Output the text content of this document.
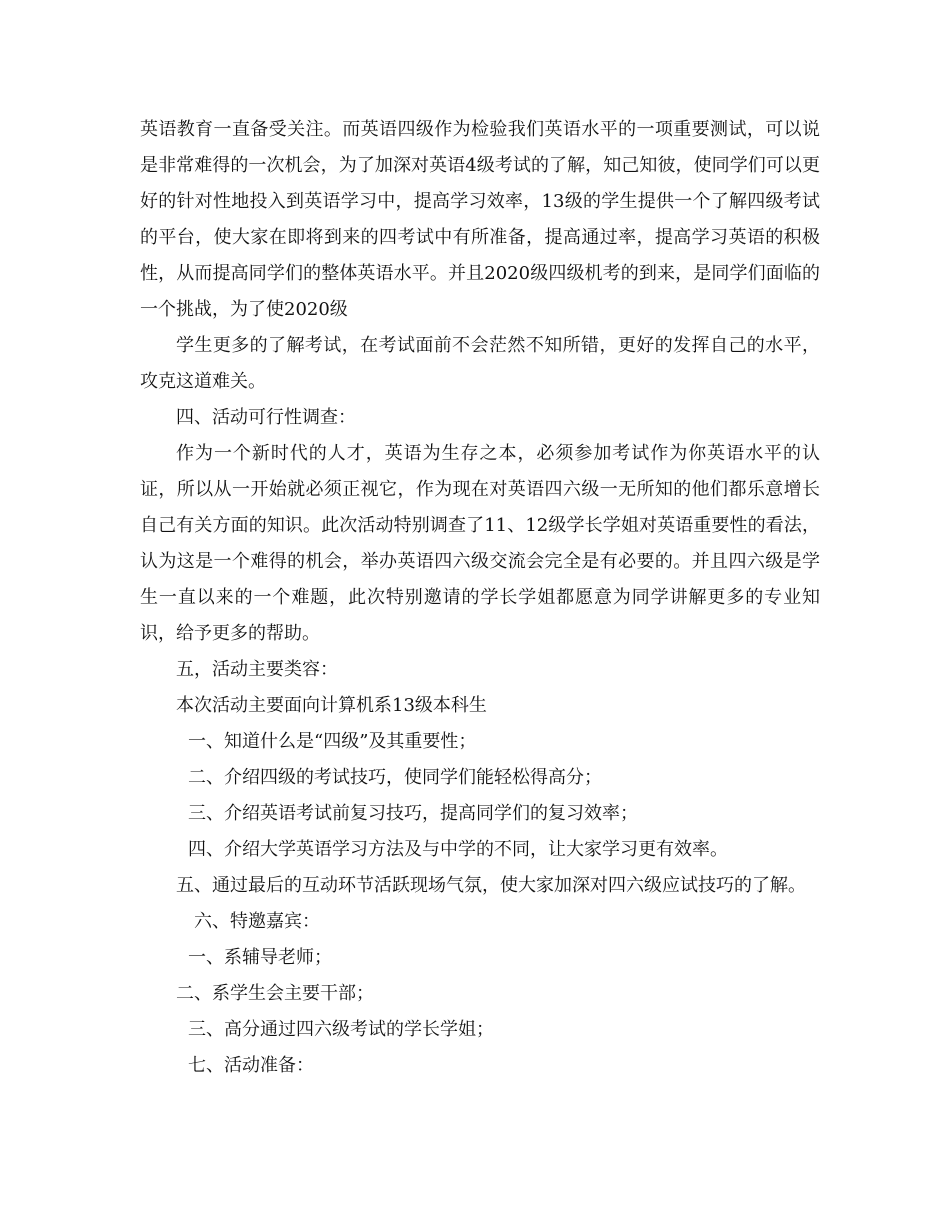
英语教育一直备受关注。而英语四级作为检验我们英语水平的一项重要测试，可以说是非常难得的一次机会，为了加深对英语4级考试的了解，知己知彼，使同学们可以更好的针对性地投入到英语学习中，提高学习效率，13级的学生提供一个了解四级考试的平台，使大家在即将到来的四考试中有所准备，提高通过率，提高学习英语的积极性，从而提高同学们的整体英语水平。并且2020级四级机考的到来，是同学们面临的一个挑战，为了使2020级

学生更多的了解考试，在考试面前不会茫然不知所错，更好的发挥自己的水平，攻克这道难关。

四、活动可行性调查：

作为一个新时代的人才，英语为生存之本，必须参加考试作为你英语水平的认证，所以从一开始就必须正视它，作为现在对英语四六级一无所知的他们都乐意增长自己有关方面的知识。此次活动特别调查了11、12级学长学姐对英语重要性的看法，认为这是一个难得的机会，举办英语四六级交流会完全是有必要的。并且四六级是学生一直以来的一个难题，此次特别邀请的学长学姐都愿意为同学讲解更多的专业知识，给予更多的帮助。

五，活动主要类容：

本次活动主要面向计算机系13级本科生

一、知道什么是“四级”及其重要性；

二、介绍四级的考试技巧，使同学们能轻松得高分；

三、介绍英语考试前复习技巧，提高同学们的复习效率；

四、介绍大学英语学习方法及与中学的不同，让大家学习更有效率。

五、通过最后的互动环节活跃现场气氛，使大家加深对四六级应试技巧的了解。

六、特邀嘉宾：

一、系辅导老师；

二、系学生会主要干部；

三、高分通过四六级考试的学长学姐；

七、活动准备：
